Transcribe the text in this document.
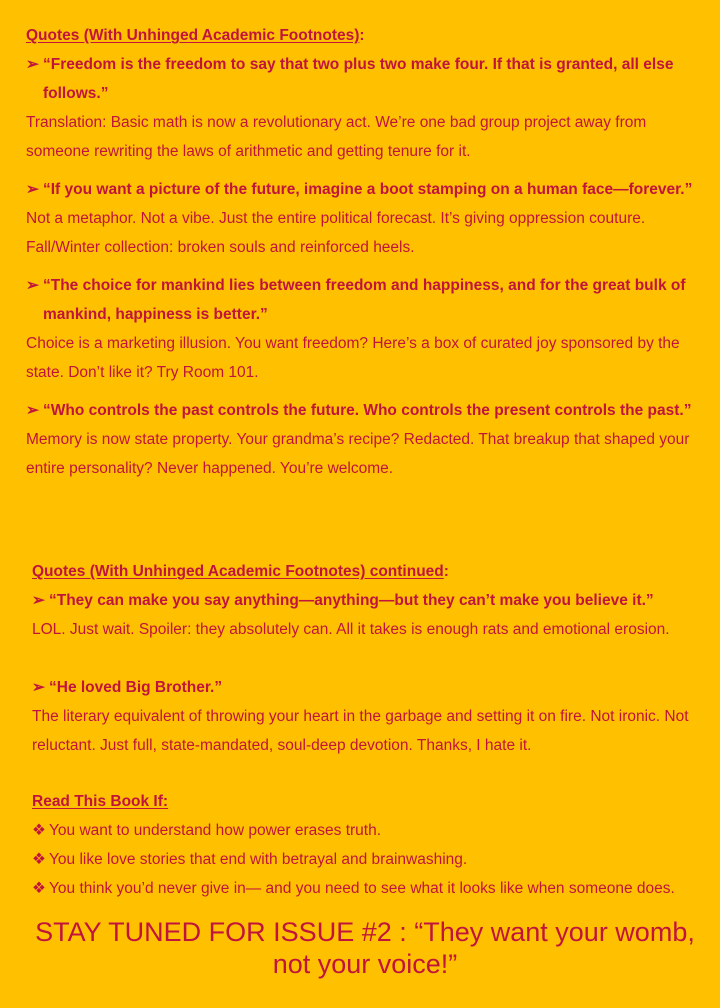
Quotes (With Unhinged Academic Footnotes):
➢ “Freedom is the freedom to say that two plus two make four. If that is granted, all else follows.”

Translation: Basic math is now a revolutionary act. We’re one bad group project away from someone rewriting the laws of arithmetic and getting tenure for it.

➢ “If you want a picture of the future, imagine a boot stamping on a human face—forever.”

Not a metaphor. Not a vibe. Just the entire political forecast. It’s giving oppression couture. Fall/Winter collection: broken souls and reinforced heels.

➢ “The choice for mankind lies between freedom and happiness, and for the great bulk of mankind, happiness is better.”

Choice is a marketing illusion. You want freedom? Here’s a box of curated joy sponsored by the state. Don’t like it? Try Room 101.

➢ “Who controls the past controls the future. Who controls the present controls the past.”

Memory is now state property. Your grandma’s recipe? Redacted. That breakup that shaped your entire personality? Never happened. You’re welcome.

Quotes (With Unhinged Academic Footnotes) continued:
➢ “They can make you say anything—anything—but they can’t make you believe it.”

LOL. Just wait. Spoiler: they absolutely can. All it takes is enough rats and emotional erosion.

➢ “He loved Big Brother.”

The literary equivalent of throwing your heart in the garbage and setting it on fire. Not ironic. Not reluctant. Just full, state-mandated, soul-deep devotion. Thanks, I hate it.

Read This Book If:
❖ You want to understand how power erases truth.
❖ You like love stories that end with betrayal and brainwashing.
❖ You think you’d never give in— and you need to see what it looks like when someone does.
STAY TUNED FOR ISSUE #2 : “They want your womb, not your voice!”
